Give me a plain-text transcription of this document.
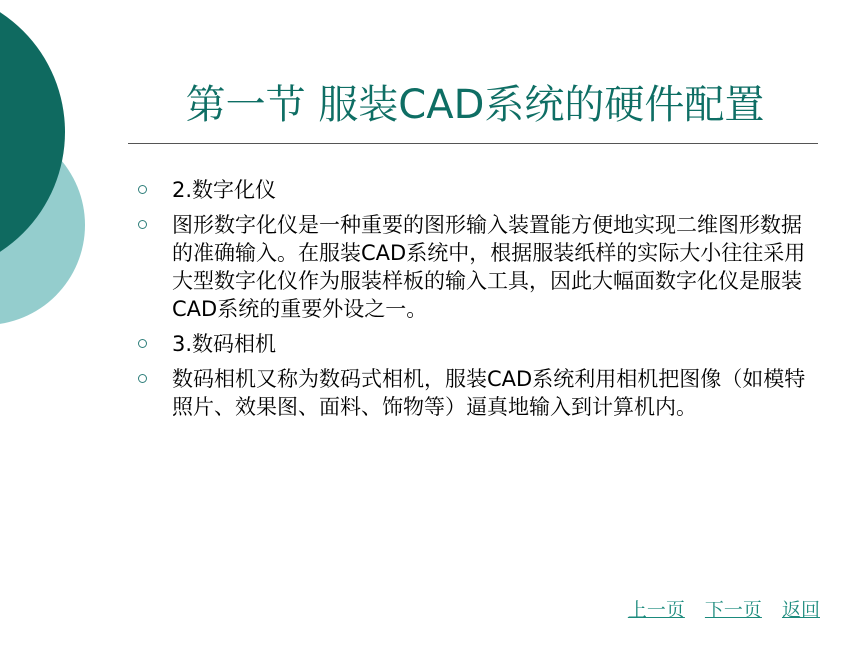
第一节 服装CAD系统的硬件配置
2.数字化仪
图形数字化仪是一种重要的图形输入装置能方便地实现二维图形数据的准确输入。在服装CAD系统中，根据服装纸样的实际大小往往采用大型数字化仪作为服装样板的输入工具，因此大幅面数字化仪是服装CAD系统的重要外设之一。
3.数码相机
数码相机又称为数码式相机，服装CAD系统利用相机把图像（如模特照片、效果图、面料、饰物等）逼真地输入到计算机内。
上一页 下一页 返回
